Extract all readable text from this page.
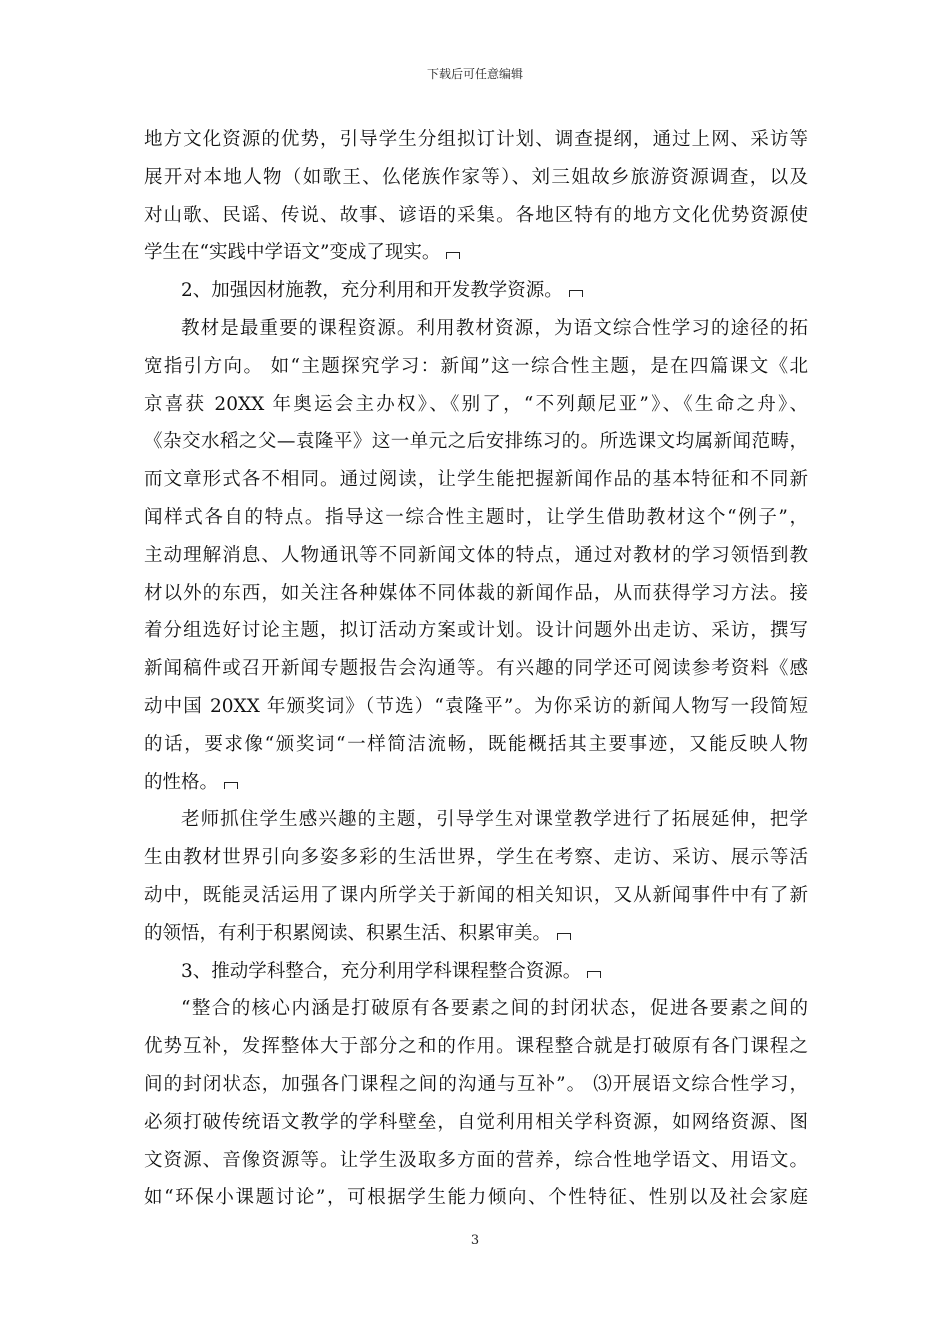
下载后可任意编辑
地方文化资源的优势，引导学生分组拟订计划、调查提纲，通过上网、采访等
展开对本地人物（如歌王、仫佬族作家等）、刘三姐故乡旅游资源调查，以及
对山歌、民谣、传说、故事、谚语的采集。各地区特有的地方文化优势资源使
学生在“实践中学语文”变成了现实。
2、加强因材施教，充分利用和开发教学资源。
教材是最重要的课程资源。利用教材资源，为语文综合性学习的途径的拓
宽指引方向。 如“主题探究学习：新闻”这一综合性主题，是在四篇课文《北
京喜获 20XX 年奥运会主办权》、《别了，“不列颠尼亚”》、《生命之舟》、
《杂交水稻之父—袁隆平》这一单元之后安排练习的。所选课文均属新闻范畴，
而文章形式各不相同。通过阅读，让学生能把握新闻作品的基本特征和不同新
闻样式各自的特点。指导这一综合性主题时，让学生借助教材这个“例子”，
主动理解消息、人物通讯等不同新闻文体的特点，通过对教材的学习领悟到教
材以外的东西，如关注各种媒体不同体裁的新闻作品，从而获得学习方法。接
着分组选好讨论主题，拟订活动方案或计划。设计问题外出走访、采访，撰写
新闻稿件或召开新闻专题报告会沟通等。有兴趣的同学还可阅读参考资料《感
动中国 20XX 年颁奖词》（节选）“袁隆平”。为你采访的新闻人物写一段简短
的话，要求像“颁奖词“一样简洁流畅，既能概括其主要事迹，又能反映人物
的性格。
老师抓住学生感兴趣的主题，引导学生对课堂教学进行了拓展延伸，把学
生由教材世界引向多姿多彩的生活世界，学生在考察、走访、采访、展示等活
动中，既能灵活运用了课内所学关于新闻的相关知识，又从新闻事件中有了新
的领悟，有利于积累阅读、积累生活、积累审美。
3、推动学科整合，充分利用学科课程整合资源。
“整合的核心内涵是打破原有各要素之间的封闭状态，促进各要素之间的
优势互补，发挥整体大于部分之和的作用。课程整合就是打破原有各门课程之
间的封闭状态，加强各门课程之间的沟通与互补”。 ⑶开展语文综合性学习，
必须打破传统语文教学的学科壁垒，自觉利用相关学科资源，如网络资源、图
文资源、音像资源等。让学生汲取多方面的营养，综合性地学语文、用语文。
如“环保小课题讨论”，可根据学生能力倾向、个性特征、性别以及社会家庭
3
